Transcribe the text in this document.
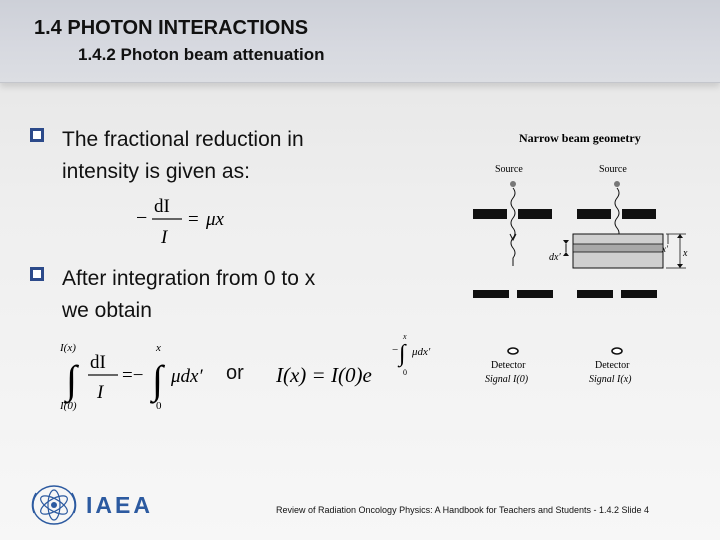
1.4 PHOTON INTERACTIONS
1.4.2 Photon beam attenuation
The fractional reduction in
intensity is given as:
−
dI
I
= μx
After integration from 0 to x
we obtain
I(x)
∫
I(0)
dI
I
=−
x
∫
0
μdx′ or I(x) = I(0)e
−
x
∫
0
μdx′
Narrow beam geometry
Source	Source
dx′
x′ x
Detector	Detector
Signal I(0)	Signal I(x)
IAEA	Review of Radiation Oncology Physics: A Handbook for Teachers and Students - 1.4.2 Slide 4
